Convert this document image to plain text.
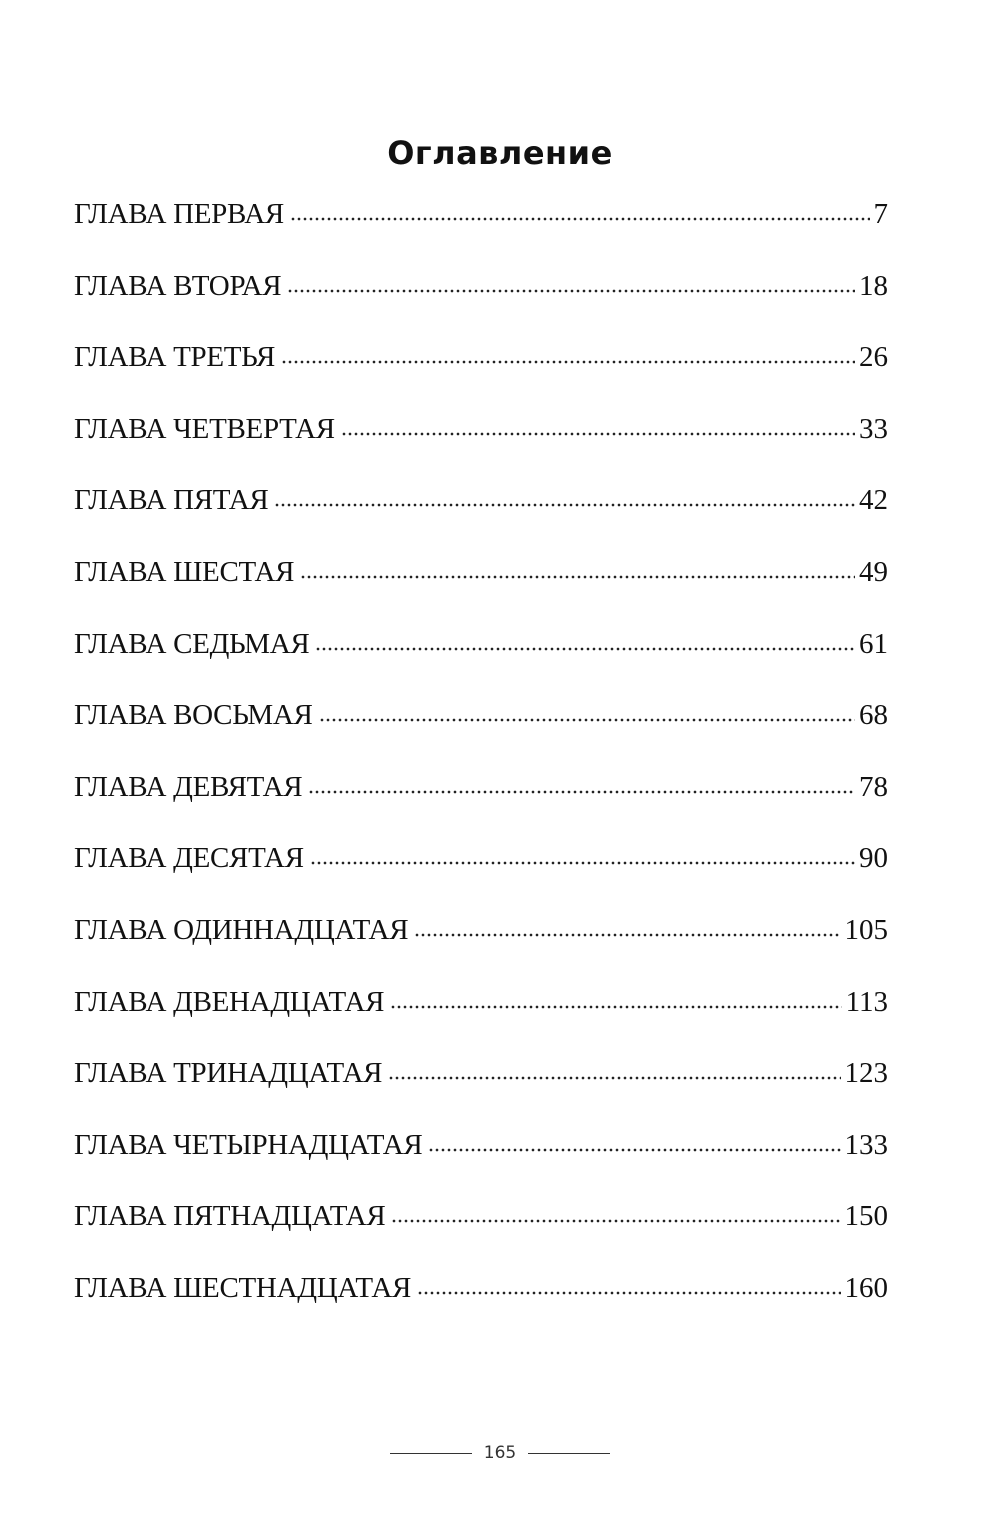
Оглавление
ГЛАВА ПЕРВАЯ	7
ГЛАВА ВТОРАЯ	18
ГЛАВА ТРЕТЬЯ	26
ГЛАВА ЧЕТВЕРТАЯ	33
ГЛАВА ПЯТАЯ	42
ГЛАВА ШЕСТАЯ	49
ГЛАВА СЕДЬМАЯ	61
ГЛАВА ВОСЬМАЯ	68
ГЛАВА ДЕВЯТАЯ	78
ГЛАВА ДЕСЯТАЯ	90
ГЛАВА ОДИННАДЦАТАЯ	105
ГЛАВА ДВЕНАДЦАТАЯ	113
ГЛАВА ТРИНАДЦАТАЯ	123
ГЛАВА ЧЕТЫРНАДЦАТАЯ	133
ГЛАВА ПЯТНАДЦАТАЯ	150
ГЛАВА ШЕСТНАДЦАТАЯ	160
165
